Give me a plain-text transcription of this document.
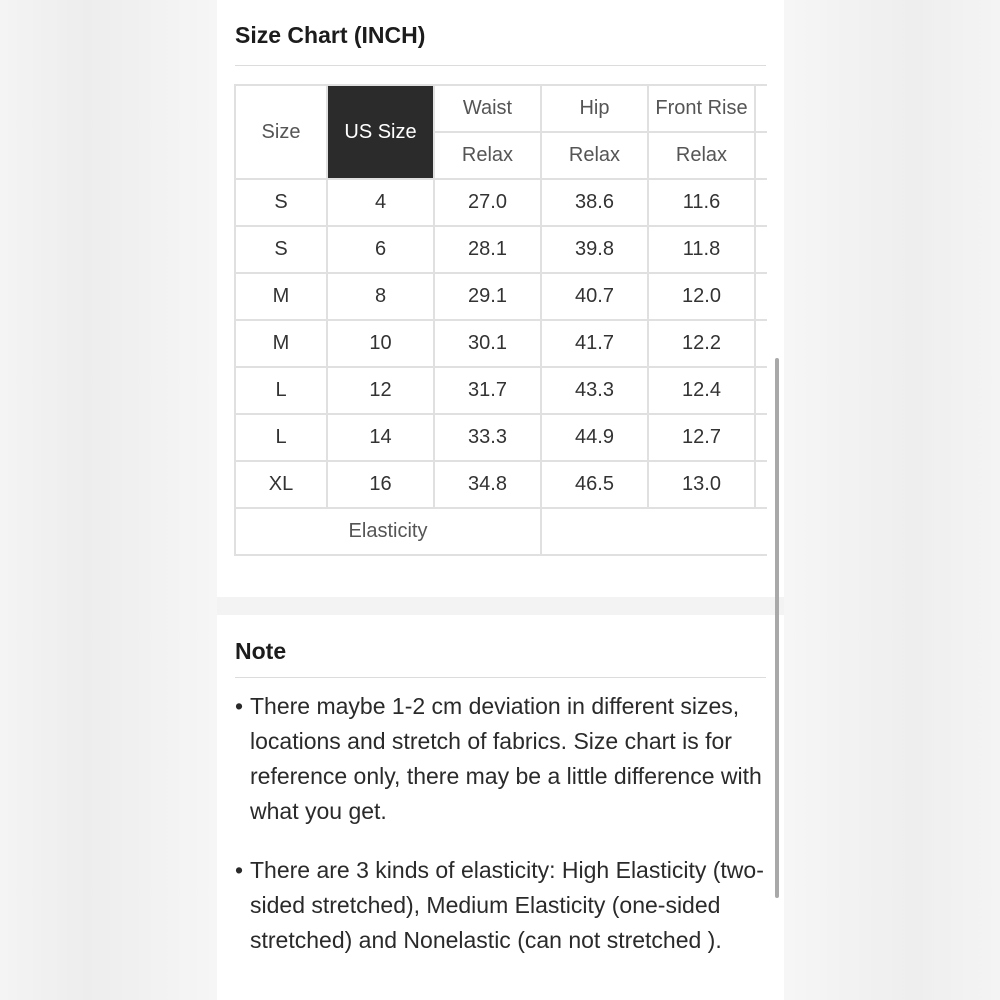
Size Chart (INCH)
Size	US Size	Waist	Hip	Front Rise	
		Relax	Relax	Relax	
S	4	27.0	38.6	11.6	
S	6	28.1	39.8	11.8	
M	8	29.1	40.7	12.0	
M	10	30.1	41.7	12.2	
L	12	31.7	43.3	12.4	
L	14	33.3	44.9	12.7	
XL	16	34.8	46.5	13.0	
Elasticity					
Note
• There maybe 1-2 cm deviation in different sizes, locations and stretch of fabrics. Size chart is for reference only, there may be a little difference with what you get.
• There are 3 kinds of elasticity: High Elasticity (two-sided stretched), Medium Elasticity (one-sided stretched) and Nonelastic (can not stretched ).
